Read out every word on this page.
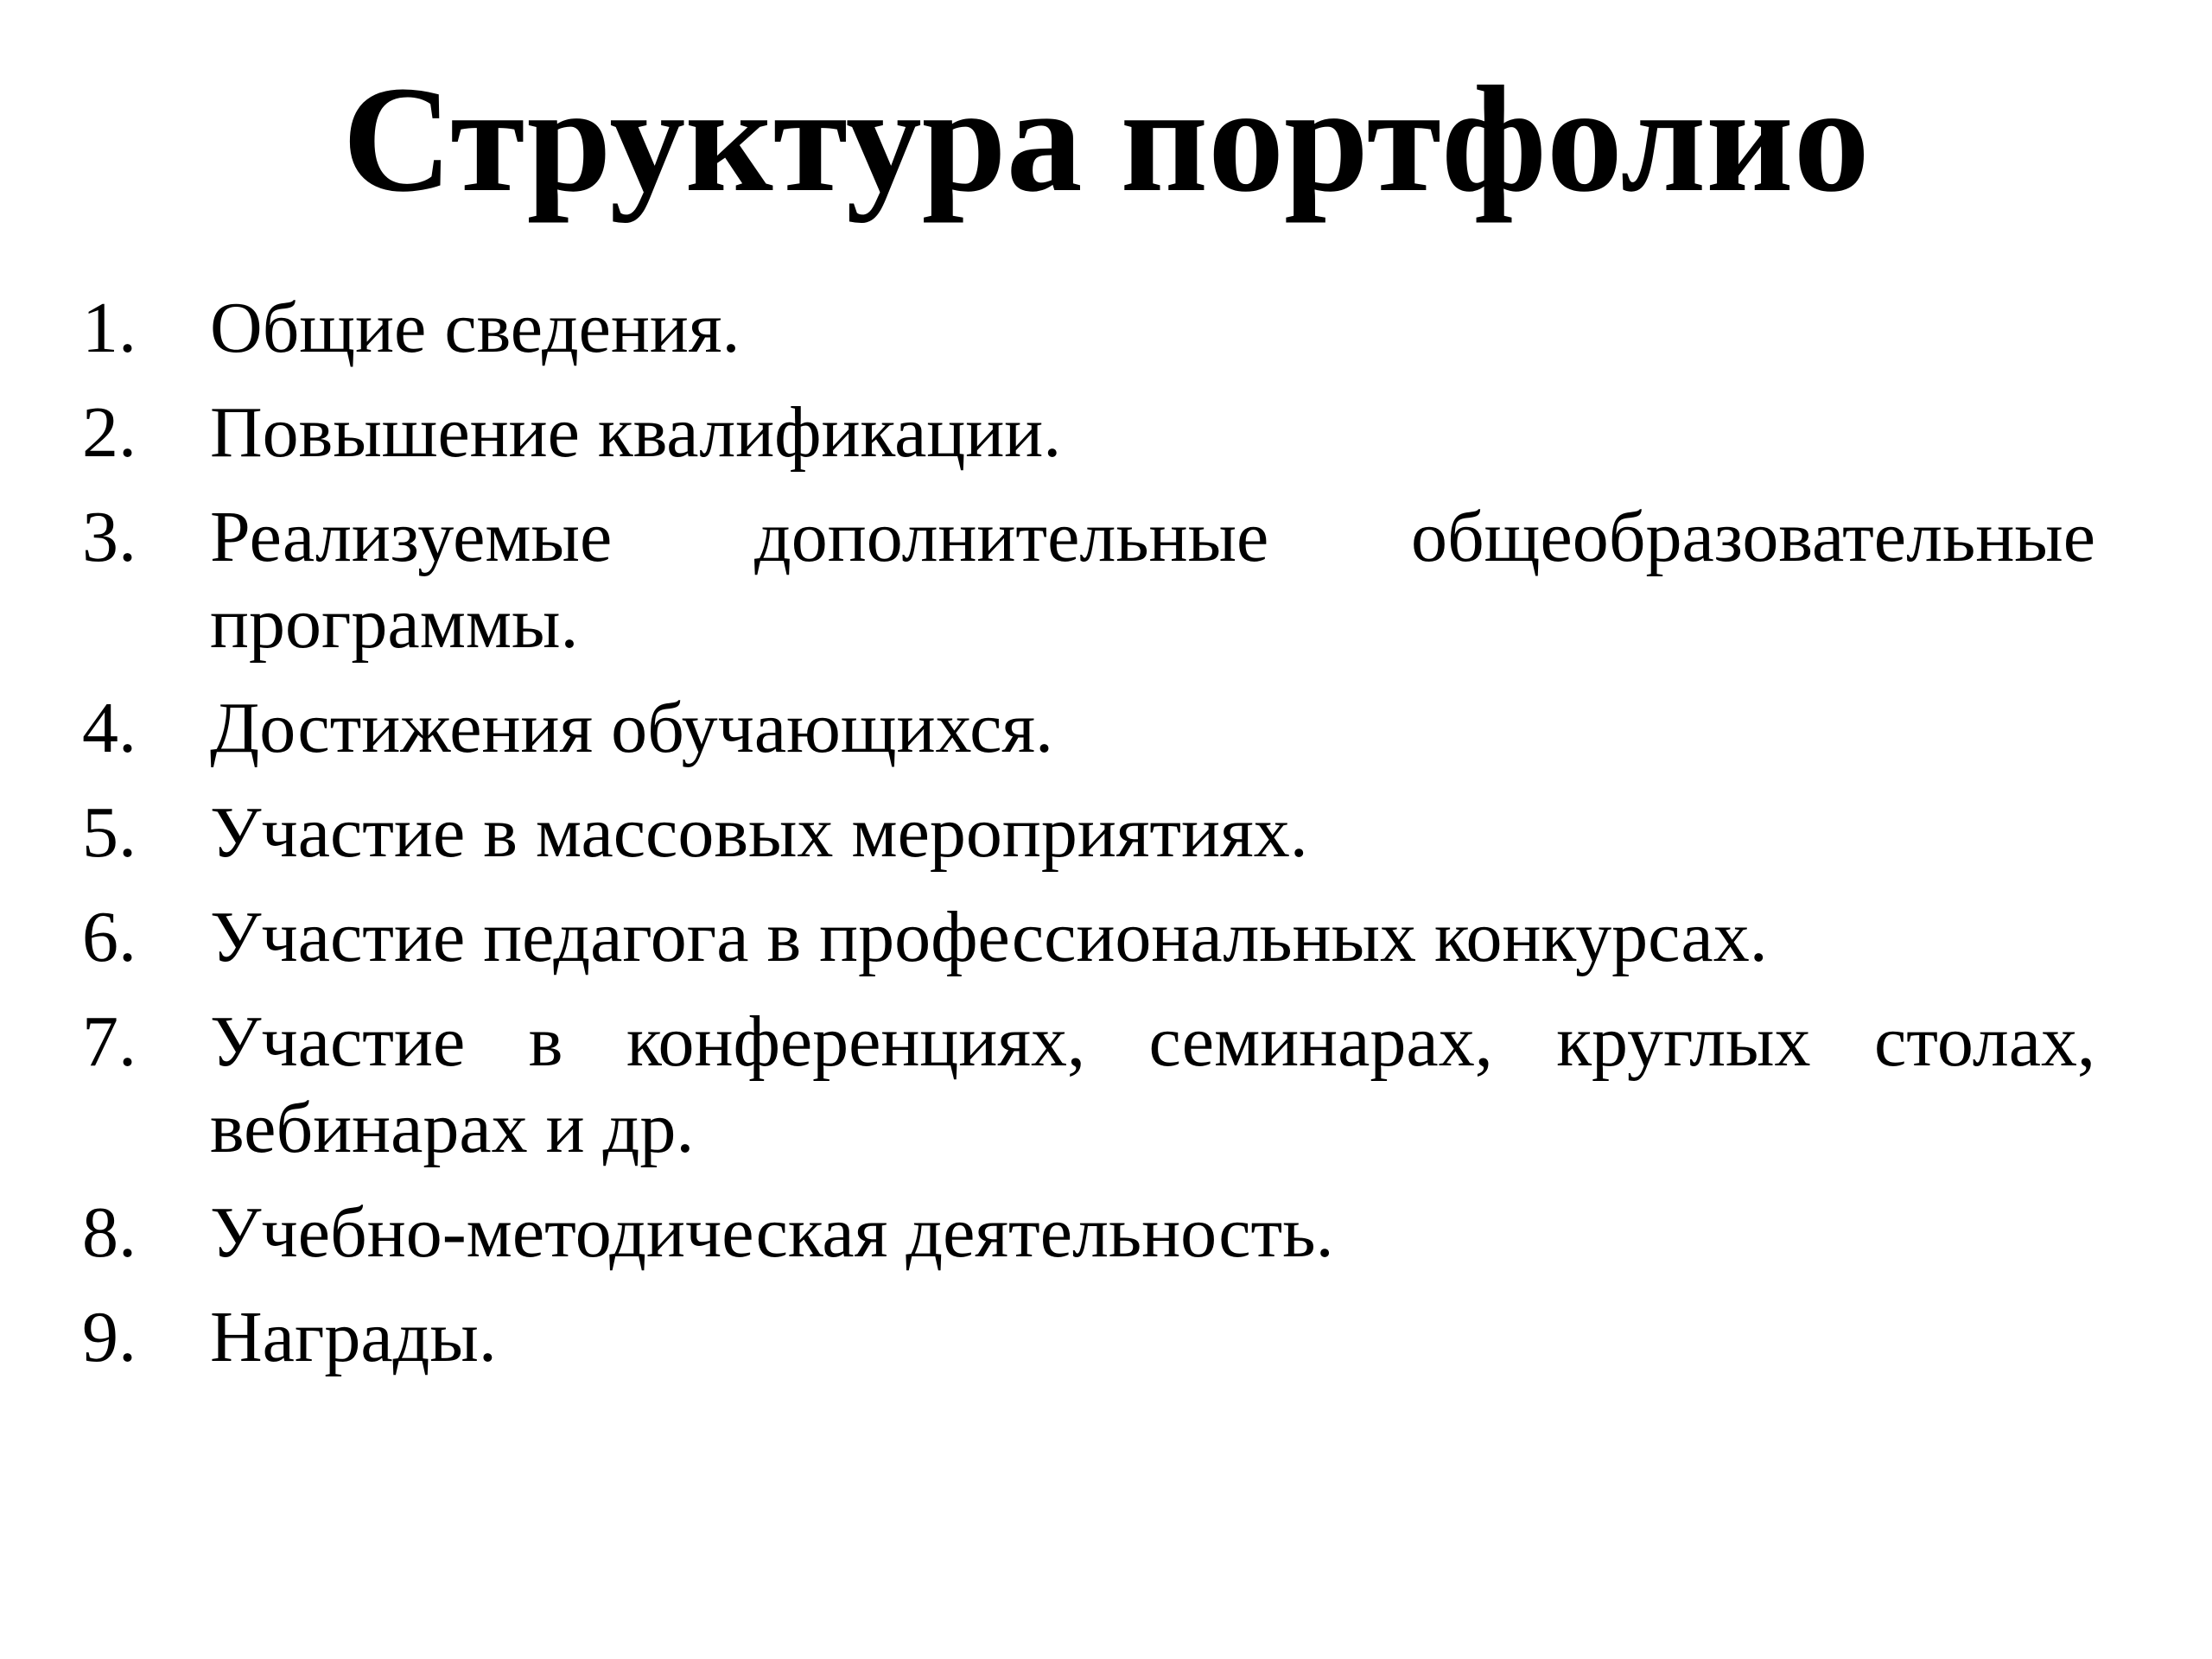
Структура портфолио
1.	Общие сведения.
2.	Повышение квалификации.
3.	Реализуемые дополнительные общеобразовательные программы.
4.	Достижения обучающихся.
5.	Участие в массовых мероприятиях.
6.	Участие педагога в профессиональных конкурсах.
7.	Участие в конференциях, семинарах, круглых столах, вебинарах и др.
8.	Учебно-методическая деятельность.
9.	Награды.
